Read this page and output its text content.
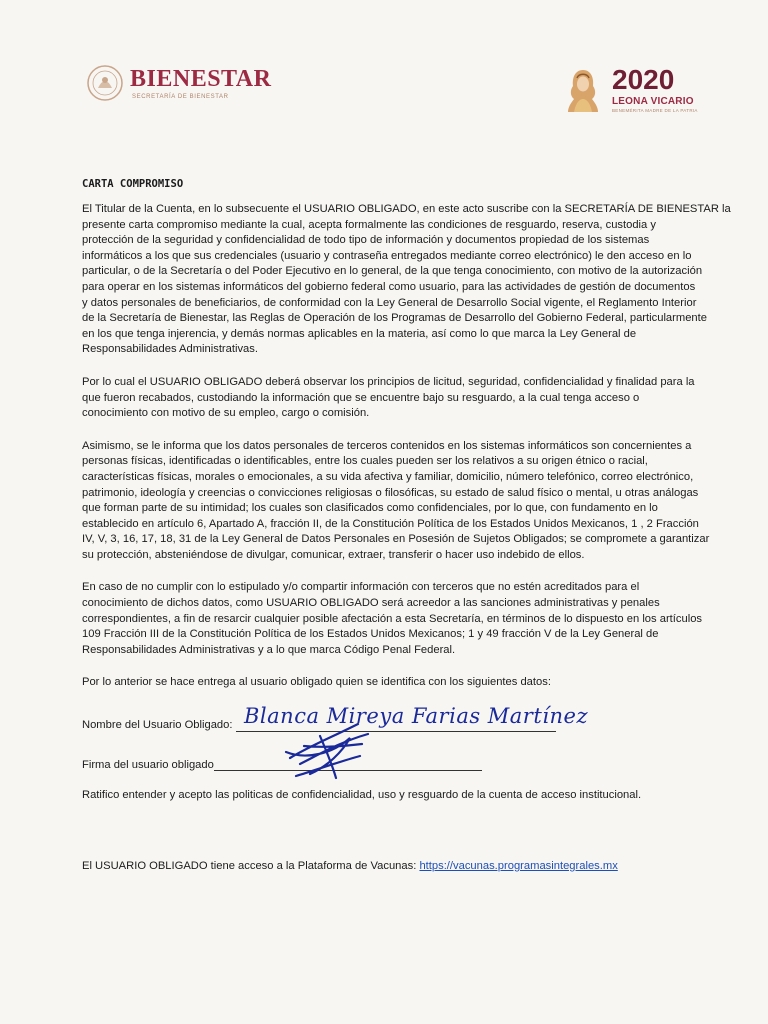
BIENESTAR
SECRETARÍA DE BIENESTAR
2020
LEONA VICARIO
BENEMÉRITA MADRE DE LA PATRIA
CARTA COMPROMISO
El Titular de la Cuenta, en lo subsecuente el USUARIO OBLIGADO, en este acto suscribe con la SECRETARÍA DE BIENESTAR la
presente carta compromiso mediante la cual, acepta formalmente las condiciones de resguardo, reserva, custodia y
protección de la seguridad y confidencialidad de todo tipo de información y documentos propiedad de los sistemas
informáticos a los que sus credenciales (usuario y contraseña entregados mediante correo electrónico) le den acceso en lo
particular, o de la Secretaría o del Poder Ejecutivo en lo general, de la que tenga conocimiento, con motivo de la autorización
para operar en los sistemas informáticos del gobierno federal como usuario, para las actividades de gestión de documentos
y datos personales de beneficiarios, de conformidad con la Ley General de Desarrollo Social vigente, el Reglamento Interior
de la Secretaría de Bienestar, las Reglas de Operación de los Programas de Desarrollo del Gobierno Federal, particularmente
en los que tenga injerencia, y demás normas aplicables en la materia, así como lo que marca la Ley General de
Responsabilidades Administrativas.
Por lo cual el USUARIO OBLIGADO deberá observar los principios de licitud, seguridad, confidencialidad y finalidad para la
que fueron recabados, custodiando la información que se encuentre bajo su resguardo, a la cual tenga acceso o
conocimiento con motivo de su empleo, cargo o comisión.
Asimismo, se le informa que los datos personales de terceros contenidos en los sistemas informáticos son concernientes a
personas físicas, identificadas o identificables, entre los cuales pueden ser los relativos a su origen étnico o racial,
características físicas, morales o emocionales, a su vida afectiva y familiar, domicilio, número telefónico, correo electrónico,
patrimonio, ideología y creencias o convicciones religiosas o filosóficas, su estado de salud físico o mental, u otras análogas
que forman parte de su intimidad; los cuales son clasificados como confidenciales, por lo que, con fundamento en lo
establecido en artículo 6, Apartado A, fracción II, de la Constitución Política de los Estados Unidos Mexicanos, 1 , 2 Fracción
IV, V, 3, 16, 17, 18, 31 de la Ley General de Datos Personales en Posesión de Sujetos Obligados; se compromete a garantizar
su protección, absteniéndose de divulgar, comunicar, extraer, transferir o hacer uso indebido de ellos.
En caso de no cumplir con lo estipulado y/o compartir información con terceros que no estén acreditados para el
conocimiento de dichos datos, como USUARIO OBLIGADO será acreedor a las sanciones administrativas y penales
correspondientes, a fin de resarcir cualquier posible afectación a esta Secretaría, en términos de lo dispuesto en los artículos
109 Fracción III de la Constitución Política de los Estados Unidos Mexicanos; 1 y 49 fracción V de la Ley General de
Responsabilidades Administrativas y a lo que marca Código Penal Federal.
Por lo anterior se hace entrega al usuario obligado quien se identifica con los siguientes datos:
Nombre del Usuario Obligado: Blanca Mireya Farias Martínez
Firma del usuario obligado
Ratifico entender y acepto las politicas de confidencialidad, uso y resguardo de la cuenta de acceso institucional.
El USUARIO OBLIGADO tiene acceso a la Plataforma de Vacunas: https://vacunas.programasintegrales.mx
